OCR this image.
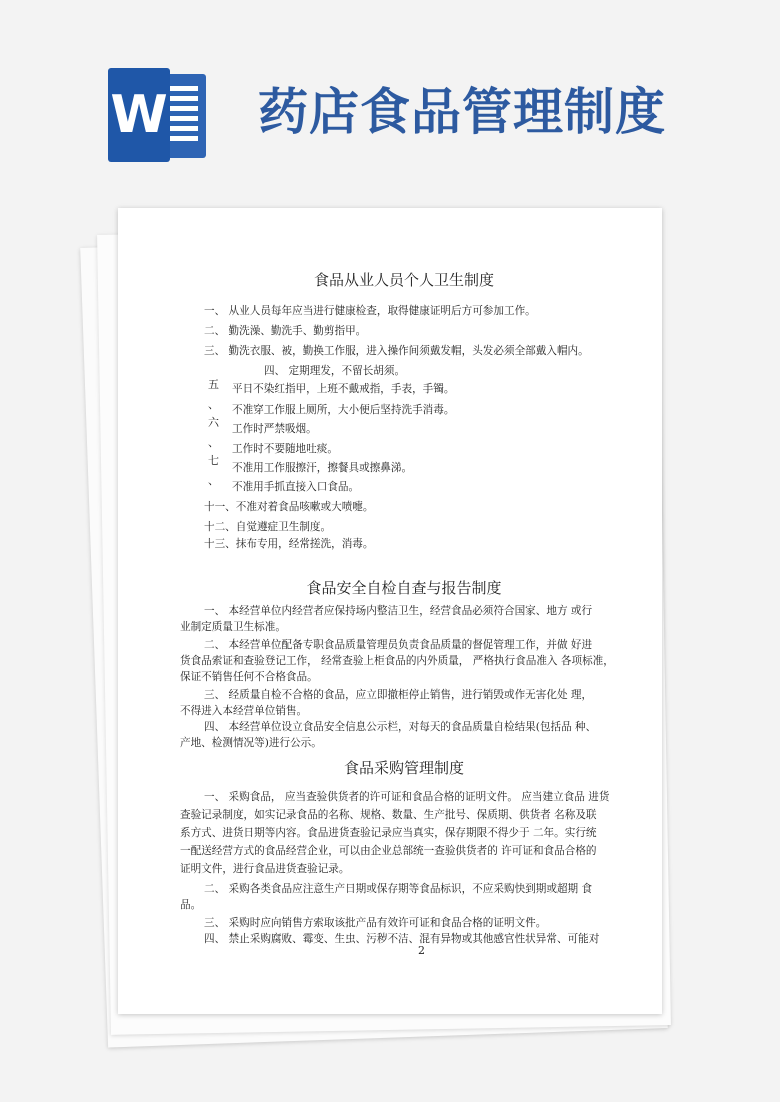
W 药店食品管理制度
食品从业人员个人卫生制度
一、 从业人员每年应当进行健康检查，取得健康证明后方可参加工作。
二、 勤洗澡、勤洗手、勤剪指甲。
三、 勤洗衣服、被，勤换工作服，进入操作间须戴发帽，头发必须全部戴入帽内。
四、 定期理发，不留长胡须。
五 平日不染红指甲，上班不戴戒指，手表，手镯。
、 不准穿工作服上厕所，大小便后坚持洗手消毒。
六 工作时严禁吸烟。
、 工作时不要随地吐痰。
七
不准用工作服擦汗，擦餐具或擦鼻涕。
、 不准用手抓直接入口食品。
十一、不准对着食品咳嗽或大喷嚏。
十二、自觉遵症卫生制度。
十三、抹布专用，经常搓洗，消毒。
食品安全自检自查与报告制度
一、 本经营单位内经营者应保持场内整洁卫生，经营食品必须符合国家、地方 或行
业制定质量卫生标准。
二、 本经营单位配备专职食品质量管理员负责食品质量的督促管理工作，并做 好进
货食品索证和查验登记工作， 经常查验上柜食品的内外质量， 严格执行食品准入 各项标准，
保证不销售任何不合格食品。
三、 经质量自检不合格的食品，应立即撤柜停止销售，进行销毁或作无害化处 理，
不得进入本经营单位销售。
四、 本经营单位设立食品安全信息公示栏，对每天的食品质量自检结果(包括品 种、
产地、检测情况等)进行公示。
食品采购管理制度
一、 采购食品， 应当查验供货者的许可证和食品合格的证明文件。 应当建立食品 进货
查验记录制度，如实记录食品的名称、规格、数量、生产批号、保质期、供货者 名称及联
系方式、进货日期等内容。食品进货查验记录应当真实，保存期限不得少于 二年。实行统
一配送经营方式的食品经营企业，可以由企业总部统一查验供货者的 许可证和食品合格的
证明文件，进行食品进货查验记录。
二、 采购各类食品应注意生产日期或保存期等食品标识，不应采购快到期或超期 食
品。
三、 采购时应向销售方索取该批产品有效许可证和食品合格的证明文件。
四、 禁止采购腐败、霉变、生虫、污秽不洁、混有异物或其他感官性状异常、可能对
2
